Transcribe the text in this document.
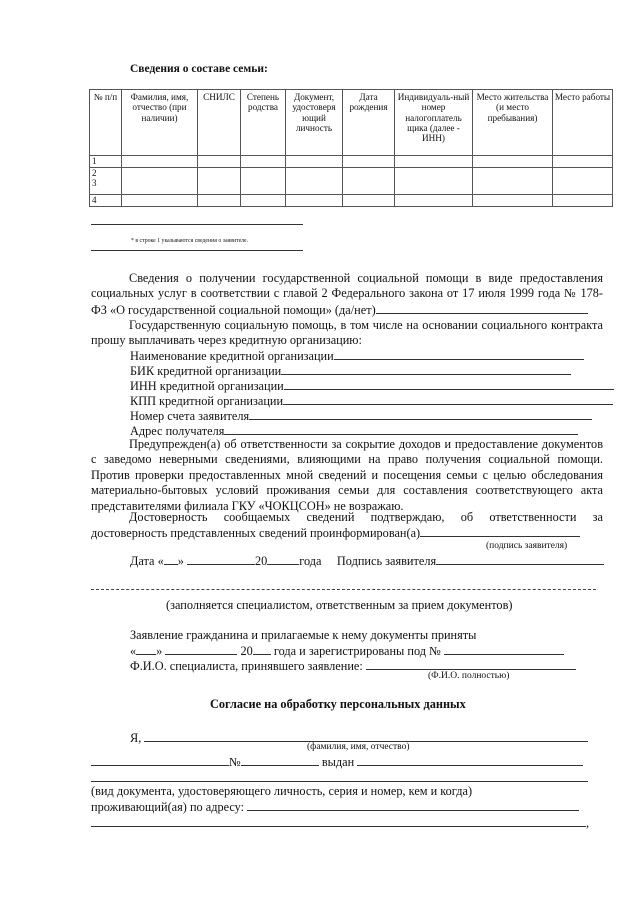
Сведения о составе семьи:
№ п/п	Фамилия, имя, отчество (при наличии)	СНИЛС	Степень родства	Документ, удостоверя ющий личность	Дата рождения	Индивидуаль-ный номер налогоплатель щика (далее - ИНН)	Место жительства (и место пребывания)	Место работы
1								
2
3								
4								
* в строке 1 указываются сведения о заявителе.
Сведения о получении государственной социальной помощи в виде предоставления социальных услуг в соответствии с главой 2 Федерального закона от 17 июля 1999 года № 178-ФЗ «О государственной социальной помощи» (да/нет)
Государственную социальную помощь, в том числе на основании социального контракта прошу выплачивать через кредитную организацию:
Наименование кредитной организации
БИК кредитной организации
ИНН кредитной организации
КПП кредитной организации
Номер счета заявителя
Адрес получателя
Предупрежден(а) об ответственности за сокрытие доходов и предоставление документов с заведомо неверными сведениями, влияющими на право получения социальной помощи. Против проверки предоставленных мной сведений и посещения семьи с целью обследования материально-бытовых условий проживания семьи для составления соответствующего акта представителями филиала ГКУ «ЧОКЦСОН» не возражаю.
Достоверность сообщаемых сведений подтверждаю, об ответственности за достоверность представленных сведений проинформирован(а)
(подпись заявителя)
Дата « »	20	года Подпись заявителя
(заполняется специалистом, ответственным за прием документов)
Заявление гражданина и прилагаемые к нему документы приняты
« »	20 года и зарегистрированы под №
Ф.И.О. специалиста, принявшего заявление:
(Ф.И.О. полностью)
Согласие на обработку персональных данных
Я,
(фамилия, имя, отчество)
№	выдан
(вид документа, удостоверяющего личность, серия и номер, кем и когда)
проживающий(ая) по адресу:
,
